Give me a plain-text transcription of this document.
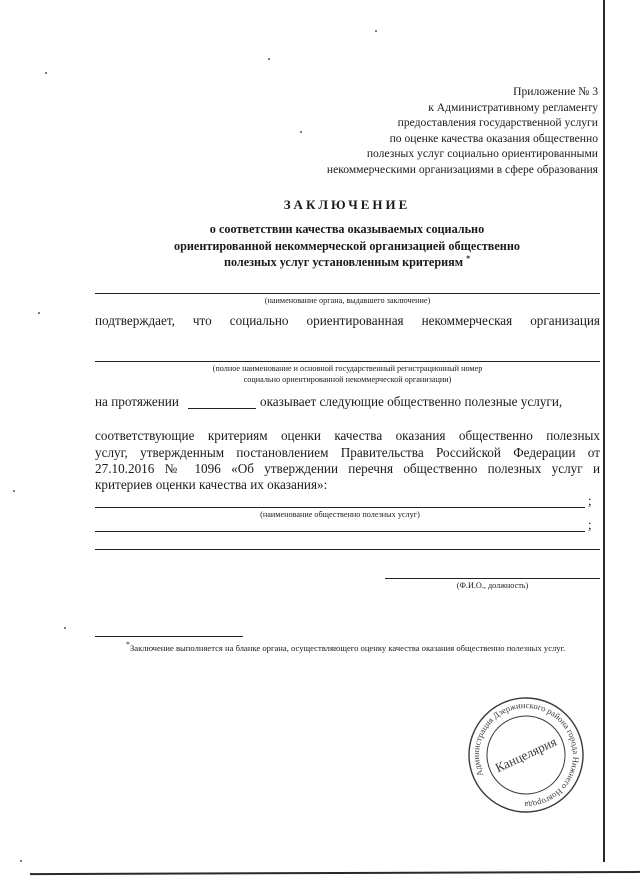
Приложение № 3
к Административному регламенту
предоставления государственной услуги
по оценке качества оказания общественно
полезных услуг социально ориентированными
некоммерческими организациями в сфере образования
ЗАКЛЮЧЕНИЕ
о соответствии качества оказываемых социально
ориентированной некоммерческой организацией общественно
полезных услуг установленным критериям *
(наименование органа, выдавшего заключение)
подтверждает, что социально ориентированная некоммерческая организация
(полное наименование и основной государственный регистрационный номер
социально ориентированной некоммерческой организации)
на протяжении	оказывает следующие общественно полезные услуги,
соответствующие критериям оценки качества оказания общественно полезных
услуг, утвержденным постановлением Правительства Российской Федерации от
27.10.2016 № 1096 «Об утверждении перечня общественно полезных услуг и
критериев оценки качества их оказания»:
;
(наименование общественно полезных услуг)
;
(Ф.И.О., должность)
*Заключение выполняется на бланке органа, осуществляющего оценку качества оказания общественно полезных услуг.
Администрация Дзержинского района города Нижнего Новгорода
Канцелярия
